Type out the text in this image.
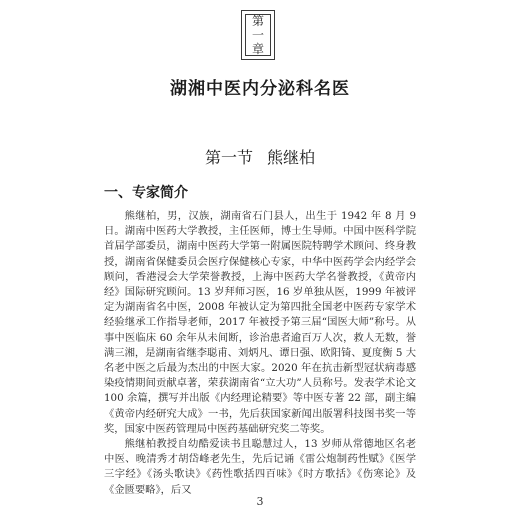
第
一
章
湖湘中医内分泌科名医
第一节 熊继柏
一、专家简介

熊继柏，男，汉族，湖南省石门县人，出生于 1942 年 8 月 9 日。湖南中医药大学教授，主任医师，博士生导师。中国中医科学院首届学部委员，湖南中医药大学第一附属医院特聘学术顾问、终身教授，湖南省保健委员会医疗保健核心专家，中华中医药学会内经学会顾问，香港浸会大学荣誉教授，上海中医药大学名誉教授，《黄帝内经》国际研究顾问。13 岁拜师习医，16 岁单独从医，1999 年被评定为湖南省名中医，2008 年被认定为第四批全国老中医药专家学术经验继承工作指导老师，2017 年被授予第三届“国医大师”称号。从事中医临床 60 余年从未间断，诊治患者逾百万人次，救人无数，誉满三湘，是湖南省继李聪甫、刘炳凡、谭日强、欧阳锜、夏度衡 5 大名老中医之后最为杰出的中医大家。2020 年在抗击新型冠状病毒感染疫情期间贡献卓著，荣获湖南省“立大功”人员称号。发表学术论文 100 余篇，撰写并出版《内经理论精要》等中医专著 22 部，副主编《黄帝内经研究大成》一书，先后获国家新闻出版署科技图书奖一等奖，国家中医药管理局中医药基础研究奖二等奖。

熊继柏教授自幼酷爱读书且聪慧过人，13 岁师从常德地区名老中医、晚清秀才胡岱峰老先生，先后记诵《雷公炮制药性赋》《医学三字经》《汤头歌诀》《药性歌括四百味》《时方歌括》《伤寒论》及《金匮要略》，后又

3
